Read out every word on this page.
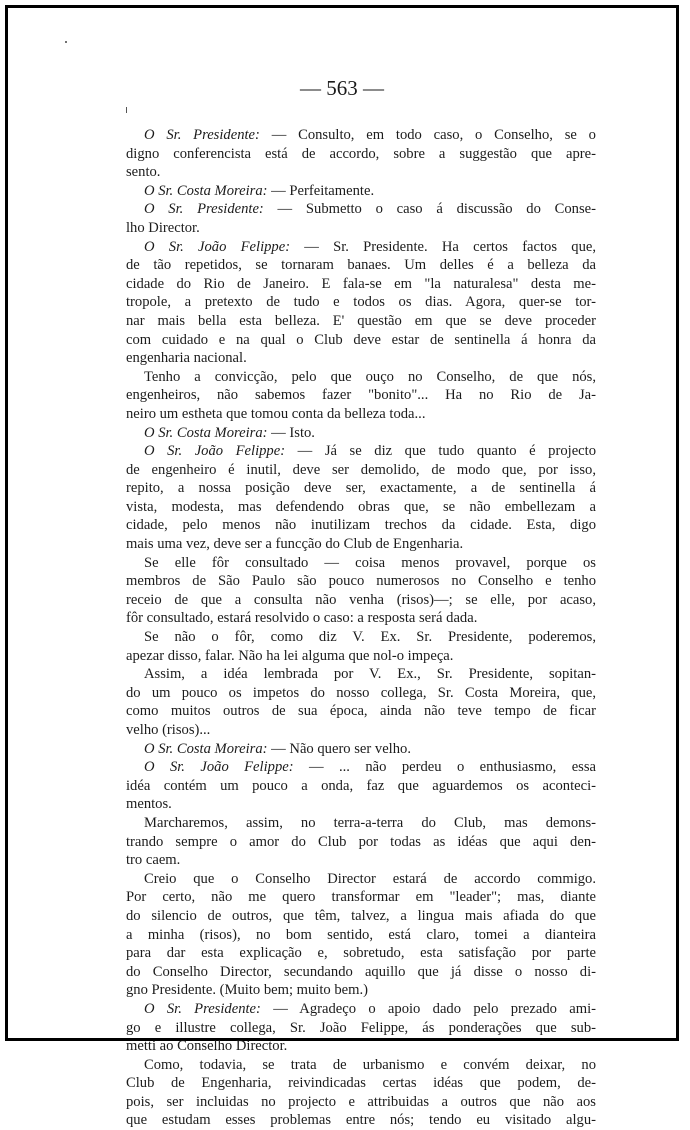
— 563 —
O Sr. Presidente: — Consulto, em todo caso, o Conselho, se o
digno conferencista está de accordo, sobre a suggestão que apre-
sento.
O Sr. Costa Moreira: — Perfeitamente.
O Sr. Presidente: — Submetto o caso á discussão do Conse-
lho Director.
O Sr. João Felippe: — Sr. Presidente. Ha certos factos que,
de tão repetidos, se tornaram banaes. Um delles é a belleza da
cidade do Rio de Janeiro. E fala-se em "la naturalesa" desta me-
tropole, a pretexto de tudo e todos os dias. Agora, quer-se tor-
nar mais bella esta belleza. E' questão em que se deve proceder
com cuidado e na qual o Club deve estar de sentinella á honra da
engenharia nacional.
Tenho a convicção, pelo que ouço no Conselho, de que nós,
engenheiros, não sabemos fazer "bonito"... Ha no Rio de Ja-
neiro um estheta que tomou conta da belleza toda...
O Sr. Costa Moreira: — Isto.
O Sr. João Felippe: — Já se diz que tudo quanto é projecto
de engenheiro é inutil, deve ser demolido, de modo que, por isso,
repito, a nossa posição deve ser, exactamente, a de sentinella á
vista, modesta, mas defendendo obras que, se não embellezam a
cidade, pelo menos não inutilizam trechos da cidade. Esta, digo
mais uma vez, deve ser a funcção do Club de Engenharia.
Se elle fôr consultado — coisa menos provavel, porque os
membros de São Paulo são pouco numerosos no Conselho e tenho
receio de que a consulta não venha (risos)—; se elle, por acaso,
fôr consultado, estará resolvido o caso: a resposta será dada.
Se não o fôr, como diz V. Ex. Sr. Presidente, poderemos,
apezar disso, falar. Não ha lei alguma que nol-o impeça.
Assim, a idéa lembrada por V. Ex., Sr. Presidente, sopitan-
do um pouco os impetos do nosso collega, Sr. Costa Moreira, que,
como muitos outros de sua época, ainda não teve tempo de ficar
velho (risos)...
O Sr. Costa Moreira: — Não quero ser velho.
O Sr. João Felippe: — ... não perdeu o enthusiasmo, essa
idéa contém um pouco a onda, faz que aguardemos os aconteci-
mentos.
Marcharemos, assim, no terra-a-terra do Club, mas demons-
trando sempre o amor do Club por todas as idéas que aqui den-
tro caem.
Creio que o Conselho Director estará de accordo commigo.
Por certo, não me quero transformar em "leader"; mas, diante
do silencio de outros, que têm, talvez, a lingua mais afiada do que
a minha (risos), no bom sentido, está claro, tomei a dianteira
para dar esta explicação e, sobretudo, esta satisfação por parte
do Conselho Director, secundando aquillo que já disse o nosso di-
gno Presidente. (Muito bem; muito bem.)
O Sr. Presidente: — Agradeço o apoio dado pelo prezado ami-
go e illustre collega, Sr. João Felippe, ás ponderações que sub-
metti ao Conselho Director.
Como, todavia, se trata de urbanismo e convém deixar, no
Club de Engenharia, reivindicadas certas idéas que podem, de-
pois, ser incluidas no projecto e attribuidas a outros que não aos
que estudam esses problemas entre nós; tendo eu visitado algu-
